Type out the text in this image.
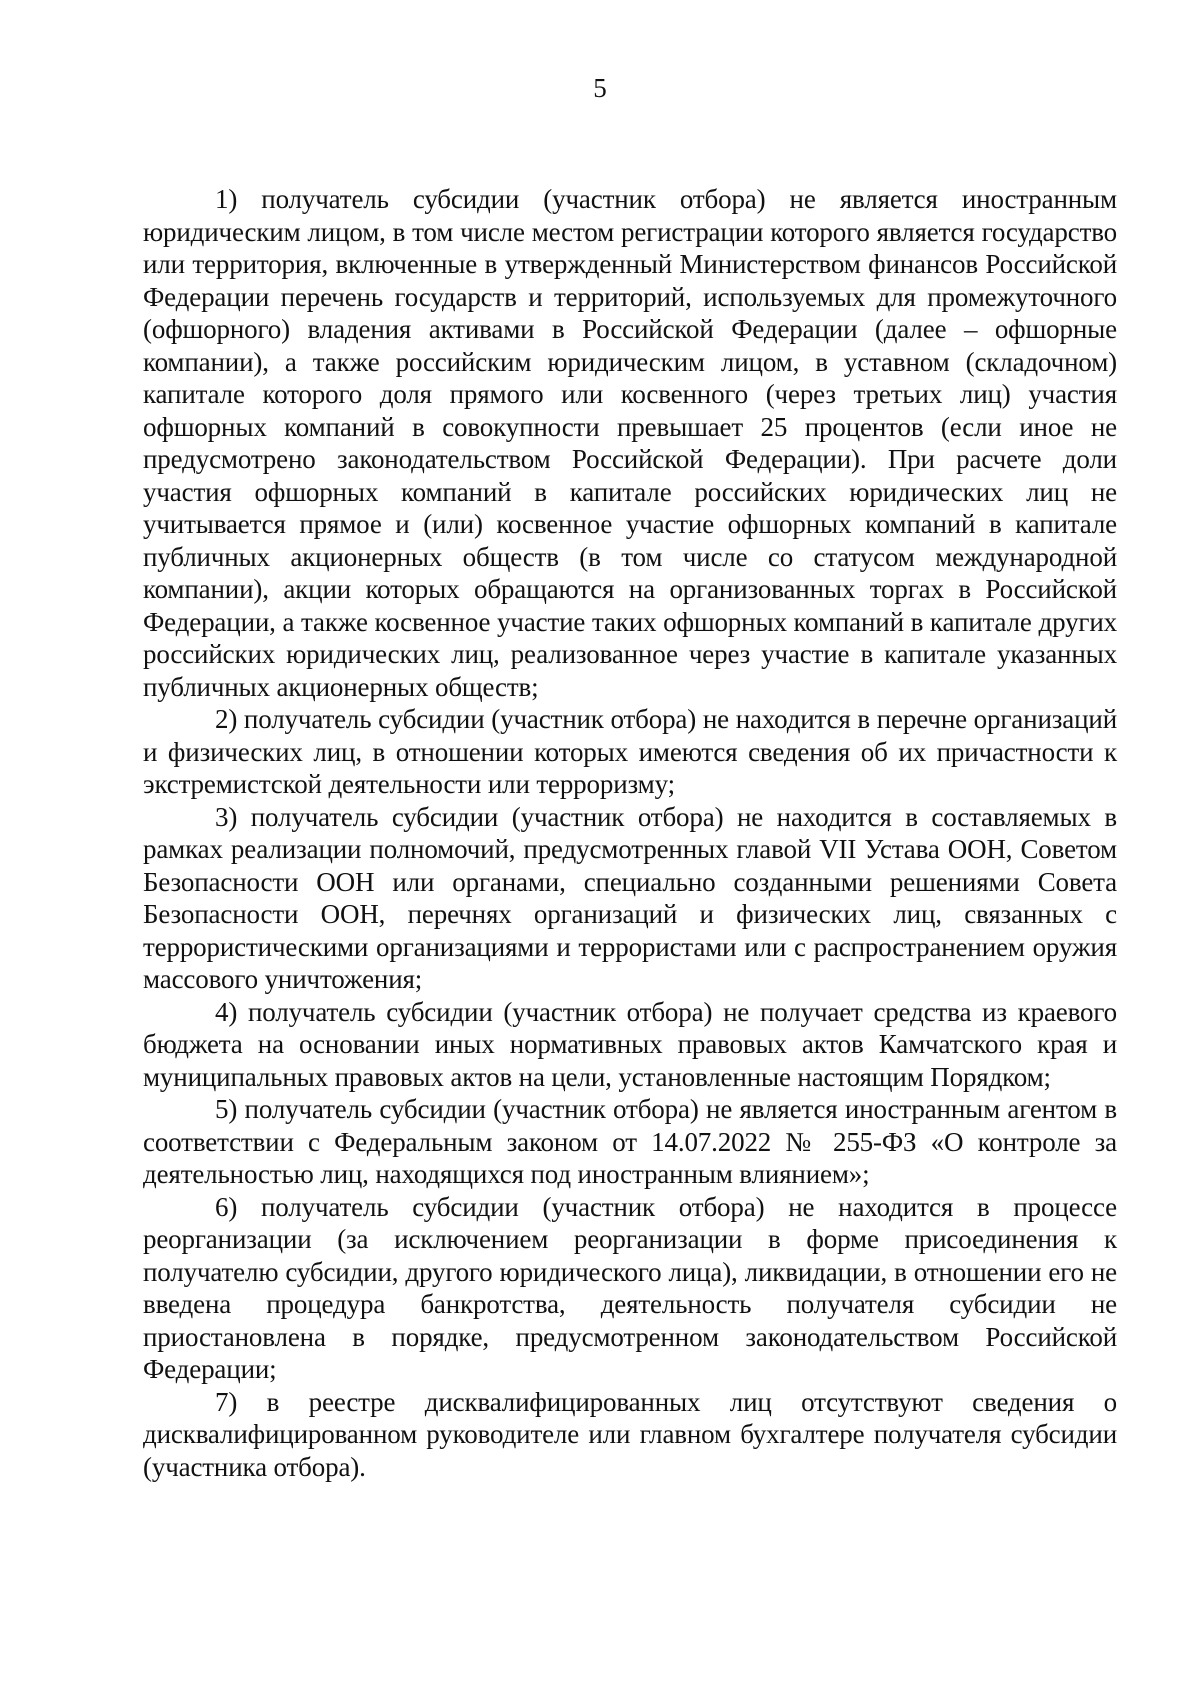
5

1) получатель субсидии (участник отбора) не является иностранным юридическим лицом, в том числе местом регистрации которого является государство или территория, включенные в утвержденный Министерством финансов Российской Федерации перечень государств и территорий, используемых для промежуточного (офшорного) владения активами в Российской Федерации (далее – офшорные компании), а также российским юридическим лицом, в уставном (складочном) капитале которого доля прямого или косвенного (через третьих лиц) участия офшорных компаний в совокупности превышает 25 процентов (если иное не предусмотрено законодательством Российской Федерации). При расчете доли участия офшорных компаний в капитале российских юридических лиц не учитывается прямое и (или) косвенное участие офшорных компаний в капитале публичных акционерных обществ (в том числе со статусом международной компании), акции которых обращаются на организованных торгах в Российской Федерации, а также косвенное участие таких офшорных компаний в капитале других российских юридических лиц, реализованное через участие в капитале указанных публичных акционерных обществ;

2) получатель субсидии (участник отбора) не находится в перечне организаций и физических лиц, в отношении которых имеются сведения об их причастности к экстремистской деятельности или терроризму;

3) получатель субсидии (участник отбора) не находится в составляемых в рамках реализации полномочий, предусмотренных главой VII Устава ООН, Советом Безопасности ООН или органами, специально созданными решениями Совета Безопасности ООН, перечнях организаций и физических лиц, связанных с террористическими организациями и террористами или с распространением оружия массового уничтожения;

4) получатель субсидии (участник отбора) не получает средства из краевого бюджета на основании иных нормативных правовых актов Камчатского края и муниципальных правовых актов на цели, установленные настоящим Порядком;

5) получатель субсидии (участник отбора) не является иностранным агентом в соответствии с Федеральным законом от 14.07.2022 № 255-ФЗ «О контроле за деятельностью лиц, находящихся под иностранным влиянием»;

6) получатель субсидии (участник отбора) не находится в процессе реорганизации (за исключением реорганизации в форме присоединения к получателю субсидии, другого юридического лица), ликвидации, в отношении его не введена процедура банкротства, деятельность получателя субсидии не приостановлена в порядке, предусмотренном законодательством Российской Федерации;

7) в реестре дисквалифицированных лиц отсутствуют сведения о дисквалифицированном руководителе или главном бухгалтере получателя субсидии (участника отбора).
